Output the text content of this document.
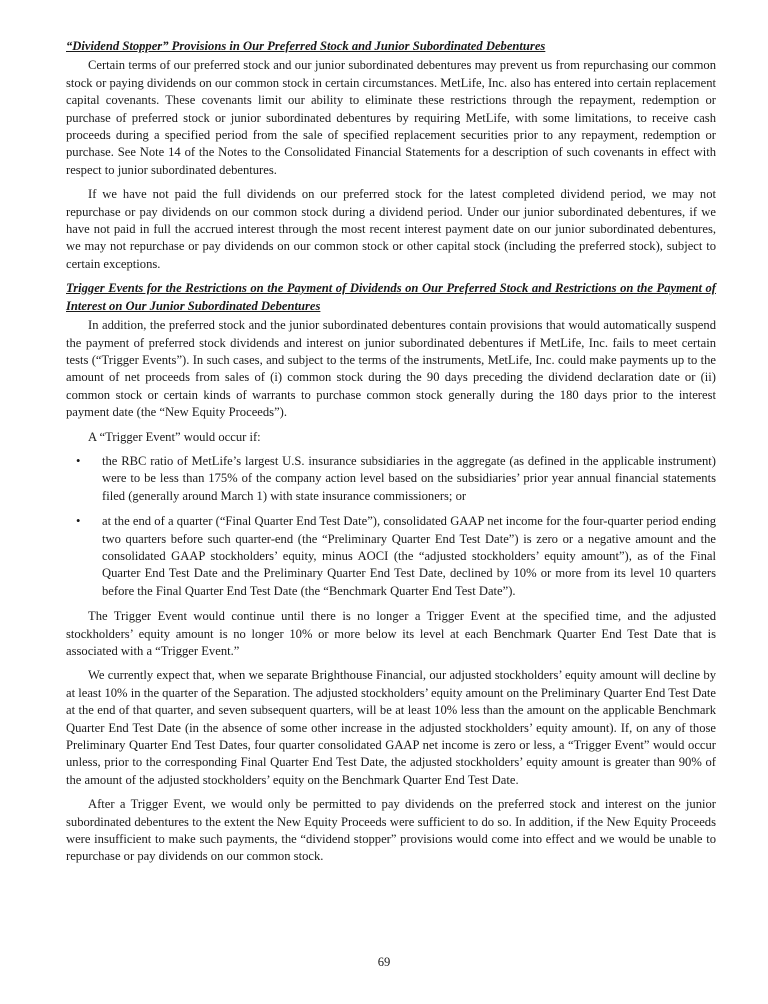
“Dividend Stopper” Provisions in Our Preferred Stock and Junior Subordinated Debentures

Certain terms of our preferred stock and our junior subordinated debentures may prevent us from repurchasing our common stock or paying dividends on our common stock in certain circumstances. MetLife, Inc. also has entered into certain replacement capital covenants. These covenants limit our ability to eliminate these restrictions through the repayment, redemption or purchase of preferred stock or junior subordinated debentures by requiring MetLife, with some limitations, to receive cash proceeds during a specified period from the sale of specified replacement securities prior to any repayment, redemption or purchase. See Note 14 of the Notes to the Consolidated Financial Statements for a description of such covenants in effect with respect to junior subordinated debentures.

If we have not paid the full dividends on our preferred stock for the latest completed dividend period, we may not repurchase or pay dividends on our common stock during a dividend period. Under our junior subordinated debentures, if we have not paid in full the accrued interest through the most recent interest payment date on our junior subordinated debentures, we may not repurchase or pay dividends on our common stock or other capital stock (including the preferred stock), subject to certain exceptions.

Trigger Events for the Restrictions on the Payment of Dividends on Our Preferred Stock and Restrictions on the Payment of Interest on Our Junior Subordinated Debentures

In addition, the preferred stock and the junior subordinated debentures contain provisions that would automatically suspend the payment of preferred stock dividends and interest on junior subordinated debentures if MetLife, Inc. fails to meet certain tests (“Trigger Events”). In such cases, and subject to the terms of the instruments, MetLife, Inc. could make payments up to the amount of net proceeds from sales of (i) common stock during the 90 days preceding the dividend declaration date or (ii) common stock or certain kinds of warrants to purchase common stock generally during the 180 days prior to the interest payment date (the “New Equity Proceeds”).

A “Trigger Event” would occur if:

• the RBC ratio of MetLife’s largest U.S. insurance subsidiaries in the aggregate (as defined in the applicable instrument) were to be less than 175% of the company action level based on the subsidiaries’ prior year annual financial statements filed (generally around March 1) with state insurance commissioners; or
• at the end of a quarter (“Final Quarter End Test Date”), consolidated GAAP net income for the four-quarter period ending two quarters before such quarter-end (the “Preliminary Quarter End Test Date”) is zero or a negative amount and the consolidated GAAP stockholders’ equity, minus AOCI (the “adjusted stockholders’ equity amount”), as of the Final Quarter End Test Date and the Preliminary Quarter End Test Date, declined by 10% or more from its level 10 quarters before the Final Quarter End Test Date (the “Benchmark Quarter End Test Date”).

The Trigger Event would continue until there is no longer a Trigger Event at the specified time, and the adjusted stockholders’ equity amount is no longer 10% or more below its level at each Benchmark Quarter End Test Date that is associated with a “Trigger Event.”

We currently expect that, when we separate Brighthouse Financial, our adjusted stockholders’ equity amount will decline by at least 10% in the quarter of the Separation. The adjusted stockholders’ equity amount on the Preliminary Quarter End Test Date at the end of that quarter, and seven subsequent quarters, will be at least 10% less than the amount on the applicable Benchmark Quarter End Test Date (in the absence of some other increase in the adjusted stockholders’ equity amount). If, on any of those Preliminary Quarter End Test Dates, four quarter consolidated GAAP net income is zero or less, a “Trigger Event” would occur unless, prior to the corresponding Final Quarter End Test Date, the adjusted stockholders’ equity amount is greater than 90% of the amount of the adjusted stockholders’ equity on the Benchmark Quarter End Test Date.

After a Trigger Event, we would only be permitted to pay dividends on the preferred stock and interest on the junior subordinated debentures to the extent the New Equity Proceeds were sufficient to do so. In addition, if the New Equity Proceeds were insufficient to make such payments, the “dividend stopper” provisions would come into effect and we would be unable to repurchase or pay dividends on our common stock.

69
